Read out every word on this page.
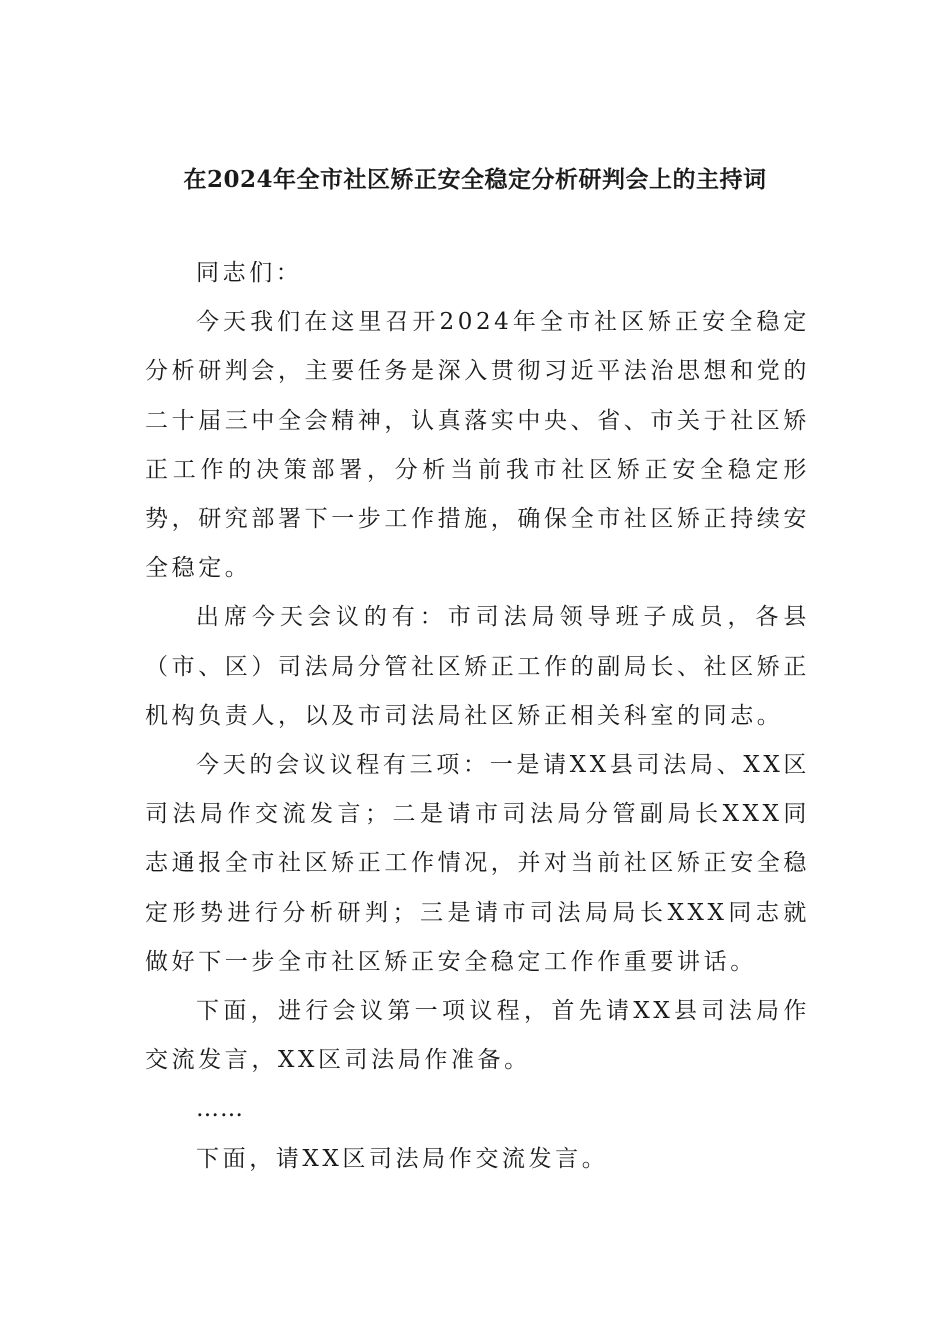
在2024年全市社区矫正安全稳定分析研判会上的主持词

同志们：

今天我们在这里召开2024年全市社区矫正安全稳定分析研判会，主要任务是深入贯彻习近平法治思想和党的二十届三中全会精神，认真落实中央、省、市关于社区矫正工作的决策部署，分析当前我市社区矫正安全稳定形势，研究部署下一步工作措施，确保全市社区矫正持续安全稳定。

出席今天会议的有：市司法局领导班子成员，各县（市、区）司法局分管社区矫正工作的副局长、社区矫正机构负责人，以及市司法局社区矫正相关科室的同志。

今天的会议议程有三项：一是请XX县司法局、XX区司法局作交流发言；二是请市司法局分管副局长XXX同志通报全市社区矫正工作情况，并对当前社区矫正安全稳定形势进行分析研判；三是请市司法局局长XXX同志就做好下一步全市社区矫正安全稳定工作作重要讲话。

下面，进行会议第一项议程，首先请XX县司法局作交流发言，XX区司法局作准备。

……

下面，请XX区司法局作交流发言。
